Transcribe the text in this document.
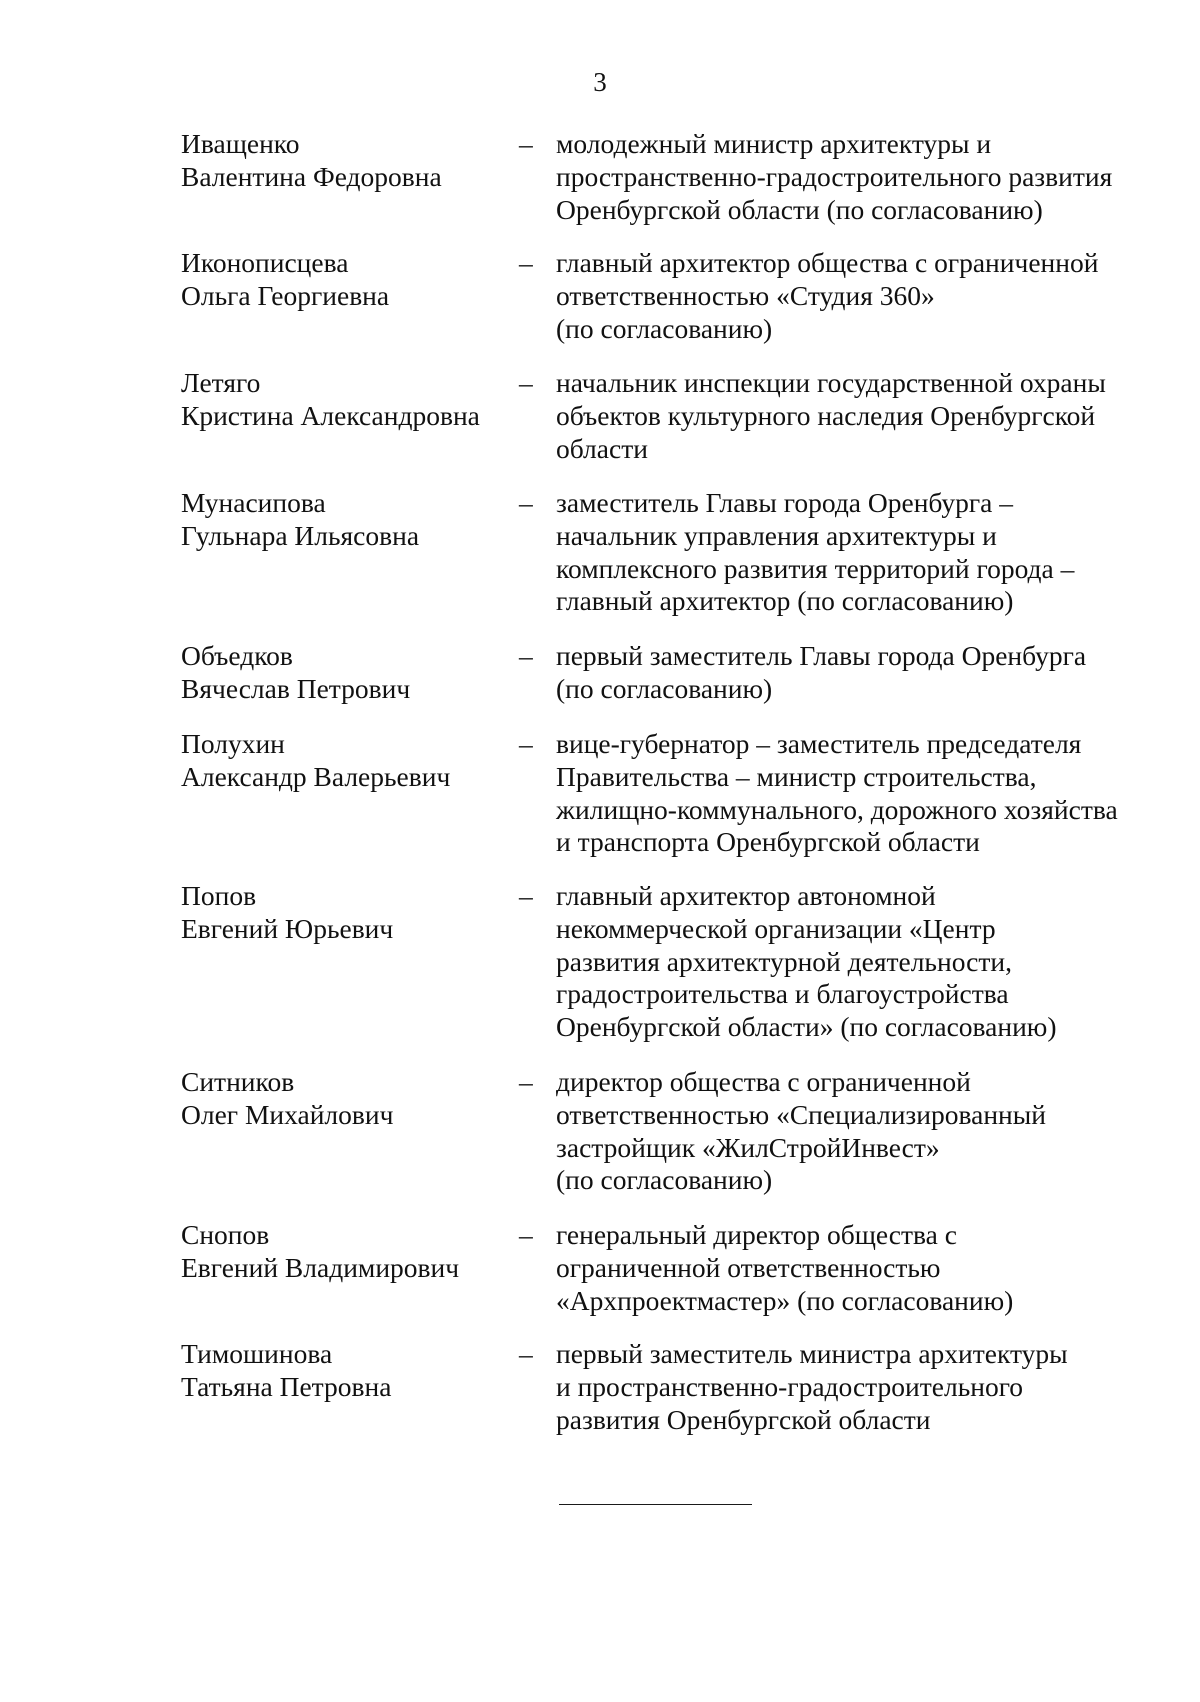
3
Иващенко
Валентина Федоровна
– молодежный министр архитектуры и
пространственно-градостроительного развития
Оренбургской области (по согласованию)
Иконописцева
Ольга Георгиевна
– главный архитектор общества с ограниченной
ответственностью «Студия 360»
(по согласованию)
Летяго
Кристина Александровна
– начальник инспекции государственной охраны
объектов культурного наследия Оренбургской
области
Мунасипова
Гульнара Ильясовна
– заместитель Главы города Оренбурга –
начальник управления архитектуры и
комплексного развития территорий города –
главный архитектор (по согласованию)
Объедков
Вячеслав Петрович
– первый заместитель Главы города Оренбурга
(по согласованию)
Полухин
Александр Валерьевич
– вице-губернатор – заместитель председателя
Правительства – министр строительства,
жилищно-коммунального, дорожного хозяйства
и транспорта Оренбургской области
Попов
Евгений Юрьевич
– главный архитектор автономной
некоммерческой организации «Центр
развития архитектурной деятельности,
градостроительства и благоустройства
Оренбургской области» (по согласованию)
Ситников
Олег Михайлович
– директор общества с ограниченной
ответственностью «Специализированный
застройщик «ЖилСтройИнвест»
(по согласованию)
Снопов
Евгений Владимирович
– генеральный директор общества с
ограниченной ответственностью
«Архпроектмастер» (по согласованию)
Тимошинова
Татьяна Петровна
– первый заместитель министра архитектуры
и пространственно-градостроительного
развития Оренбургской области
